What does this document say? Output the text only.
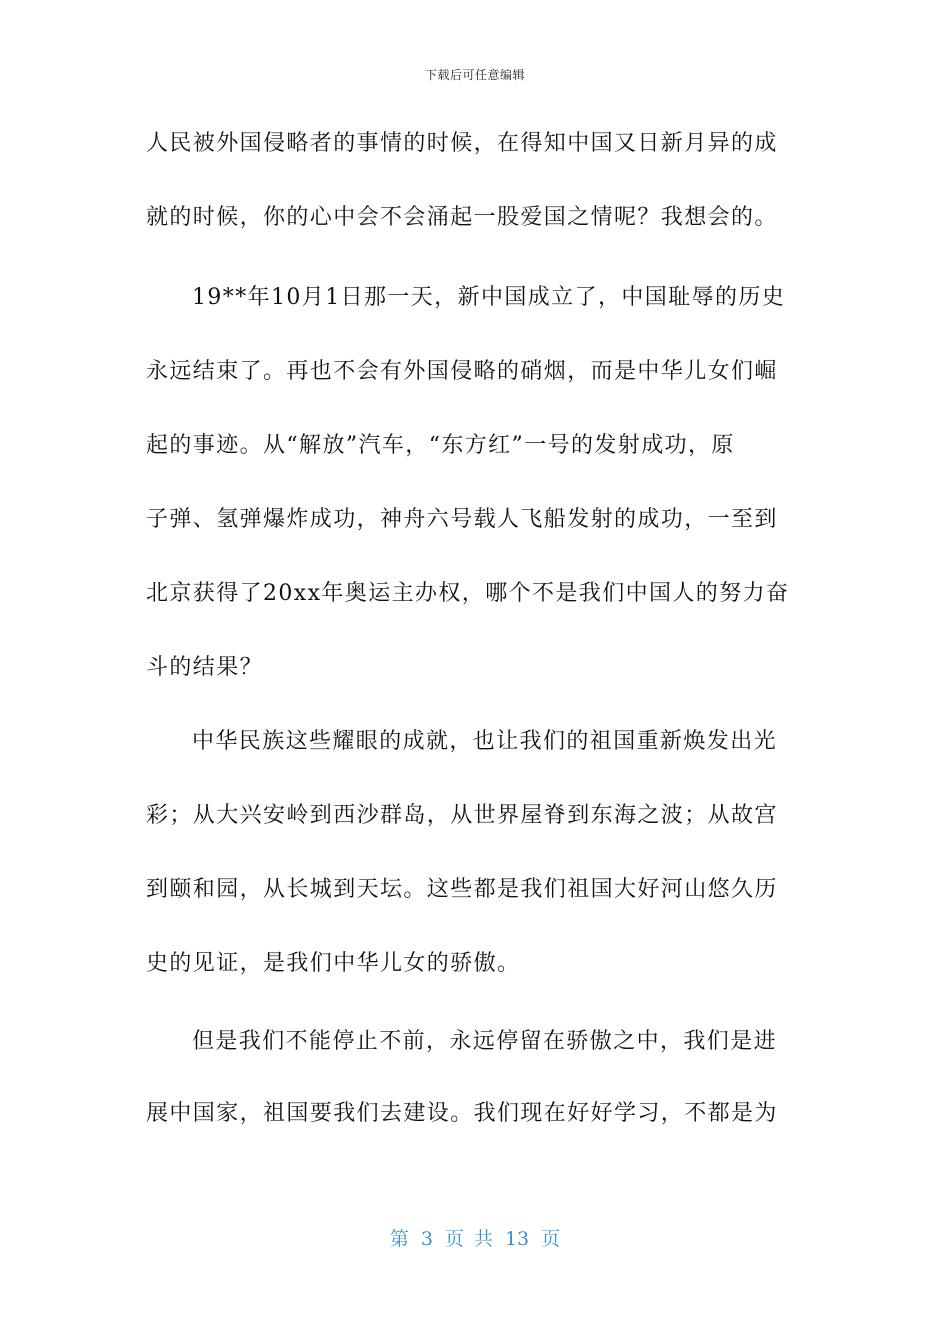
下载后可任意编辑
人民被外国侵略者的事情的时候，在得知中国又日新月异的成
就的时候，你的心中会不会涌起一股爱国之情呢？我想会的。
19**年10月1日那一天，新中国成立了，中国耻辱的历史
永远结束了。再也不会有外国侵略的硝烟，而是中华儿女们崛
起的事迹。从“解放”汽车，“东方红”一号的发射成功，原
子弹、氢弹爆炸成功，神舟六号载人飞船发射的成功，一至到
北京获得了20xx年奥运主办权，哪个不是我们中国人的努力奋
斗的结果？
中华民族这些耀眼的成就，也让我们的祖国重新焕发出光
彩；从大兴安岭到西沙群岛，从世界屋脊到东海之波；从故宫
到颐和园，从长城到天坛。这些都是我们祖国大好河山悠久历
史的见证，是我们中华儿女的骄傲。
但是我们不能停止不前，永远停留在骄傲之中，我们是进
展中国家，祖国要我们去建设。我们现在好好学习，不都是为
第 3 页 共 13 页
